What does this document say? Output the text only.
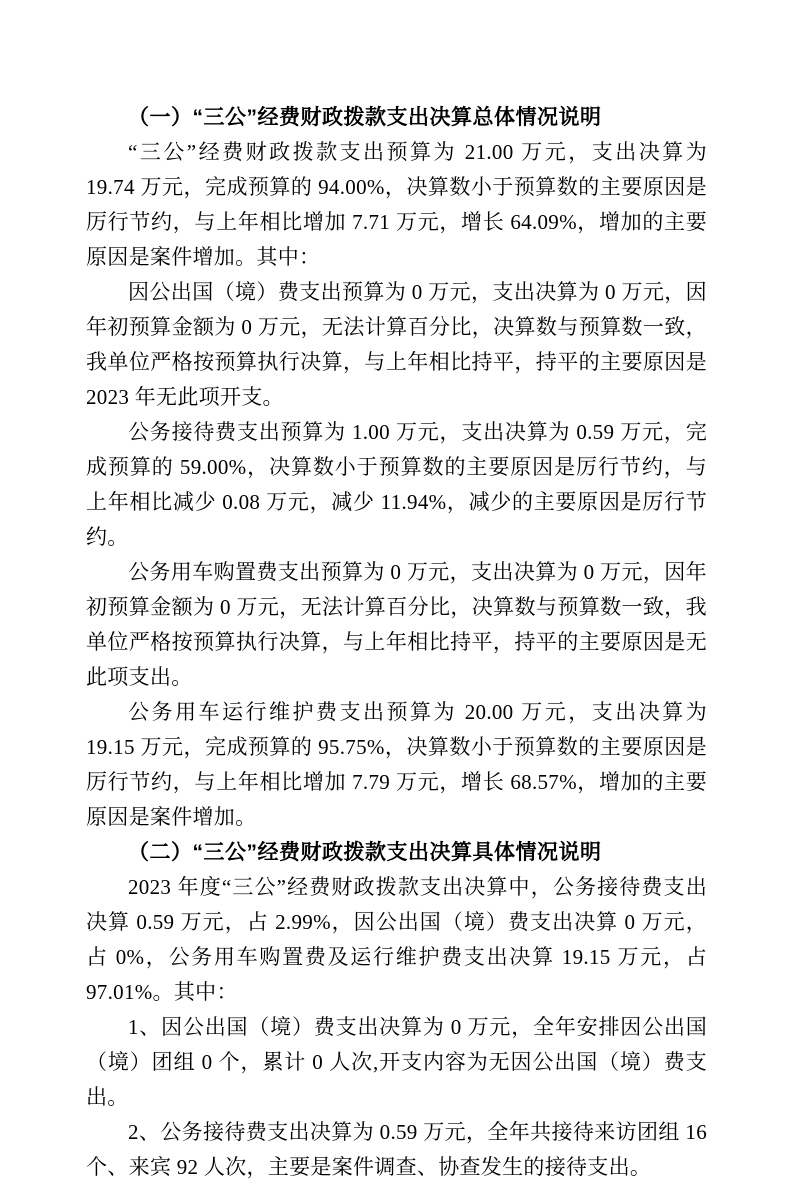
（一）“三公”经费财政拨款支出决算总体情况说明

“三公”经费财政拨款支出预算为 21.00 万元，支出决算为 19.74 万元，完成预算的 94.00%，决算数小于预算数的主要原因是厉行节约，与上年相比增加 7.71 万元，增长 64.09%，增加的主要原因是案件增加。其中：

因公出国（境）费支出预算为 0 万元，支出决算为 0 万元，因年初预算金额为 0 万元，无法计算百分比，决算数与预算数一致，我单位严格按预算执行决算，与上年相比持平，持平的主要原因是 2023 年无此项开支。

公务接待费支出预算为 1.00 万元，支出决算为 0.59 万元，完成预算的 59.00%，决算数小于预算数的主要原因是厉行节约，与上年相比减少 0.08 万元，减少 11.94%，减少的主要原因是厉行节约。

公务用车购置费支出预算为 0 万元，支出决算为 0 万元，因年初预算金额为 0 万元，无法计算百分比，决算数与预算数一致，我单位严格按预算执行决算，与上年相比持平，持平的主要原因是无此项支出。

公务用车运行维护费支出预算为 20.00 万元，支出决算为 19.15 万元，完成预算的 95.75%，决算数小于预算数的主要原因是厉行节约，与上年相比增加 7.79 万元，增长 68.57%，增加的主要原因是案件增加。

（二）“三公”经费财政拨款支出决算具体情况说明

2023 年度“三公”经费财政拨款支出决算中，公务接待费支出决算 0.59 万元，占 2.99%，因公出国（境）费支出决算 0 万元，占 0%，公务用车购置费及运行维护费支出决算 19.15 万元，占 97.01%。其中：

1、因公出国（境）费支出决算为 0 万元，全年安排因公出国（境）团组 0 个，累计 0 人次,开支内容为无因公出国（境）费支出。

2、公务接待费支出决算为 0.59 万元，全年共接待来访团组 16 个、来宾 92 人次，主要是案件调查、协查发生的接待支出。
